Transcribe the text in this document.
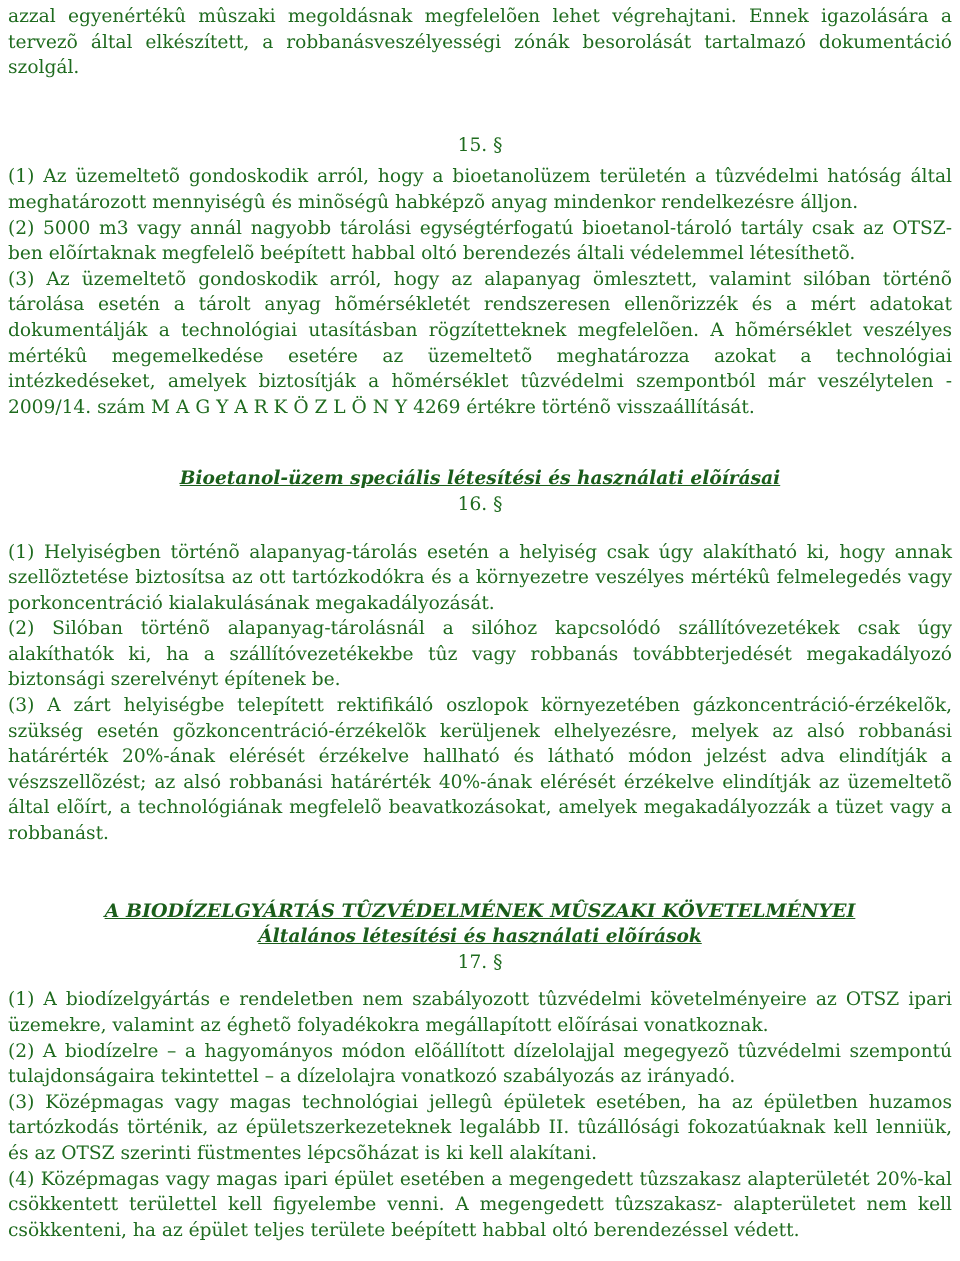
azzal egyenértékû mûszaki megoldásnak megfelelõen lehet végrehajtani. Ennek igazolására a tervezõ által elkészített, a robbanásveszélyességi zónák besorolását tartalmazó dokumentáció szolgál.

15. §

(1) Az üzemeltetõ gondoskodik arról, hogy a bioetanolüzem területén a tûzvédelmi hatóság által meghatározott mennyiségû és minõségû habképzõ anyag mindenkor rendelkezésre álljon.

(2) 5000 m3 vagy annál nagyobb tárolási egységtérfogatú bioetanol-tároló tartály csak az OTSZ-ben elõírtaknak megfelelõ beépített habbal oltó berendezés általi védelemmel létesíthetõ.

(3) Az üzemeltetõ gondoskodik arról, hogy az alapanyag ömlesztett, valamint silóban történõ tárolása esetén a tárolt anyag hõmérsékletét rendszeresen ellenõrizzék és a mért adatokat dokumentálják a technológiai utasításban rögzítetteknek megfelelõen. A hõmérséklet veszélyes mértékû megemelkedése esetére az üzemeltetõ meghatározza azokat a technológiai intézkedéseket, amelyek biztosítják a hõmérséklet tûzvédelmi szempontból már veszélytelen - 2009/14. szám M A G Y A R K Ö Z L Ö N Y 4269 értékre történõ visszaállítását.

Bioetanol-üzem speciális létesítési és használati elõírásai

16. §

(1) Helyiségben történõ alapanyag-tárolás esetén a helyiség csak úgy alakítható ki, hogy annak szellõztetése biztosítsa az ott tartózkodókra és a környezetre veszélyes mértékû felmelegedés vagy porkoncentráció kialakulásának megakadályozását.

(2) Silóban történõ alapanyag-tárolásnál a silóhoz kapcsolódó szállítóvezetékek csak úgy alakíthatók ki, ha a szállítóvezetékekbe tûz vagy robbanás továbbterjedését megakadályozó biztonsági szerelvényt építenek be.

(3) A zárt helyiségbe telepített rektifikáló oszlopok környezetében gázkoncentráció-érzékelõk, szükség esetén gõzkoncentráció-érzékelõk kerüljenek elhelyezésre, melyek az alsó robbanási határérték 20%-ának elérését érzékelve hallható és látható módon jelzést adva elindítják a vészszellõzést; az alsó robbanási határérték 40%-ának elérését érzékelve elindítják az üzemeltetõ által elõírt, a technológiának megfelelõ beavatkozásokat, amelyek megakadályozzák a tüzet vagy a robbanást.

A BIODÍZELGYÁRTÁS TÛZVÉDELMÉNEK MÛSZAKI KÖVETELMÉNYEI

Általános létesítési és használati elõírások

17. §

(1) A biodízelgyártás e rendeletben nem szabályozott tûzvédelmi követelményeire az OTSZ ipari üzemekre, valamint az éghetõ folyadékokra megállapított elõírásai vonatkoznak.

(2) A biodízelre – a hagyományos módon elõállított dízelolajjal megegyezõ tûzvédelmi szempontú tulajdonságaira tekintettel – a dízelolajra vonatkozó szabályozás az irányadó.

(3) Középmagas vagy magas technológiai jellegû épületek esetében, ha az épületben huzamos tartózkodás történik, az épületszerkezeteknek legalább II. tûzállósági fokozatúaknak kell lenniük, és az OTSZ szerinti füstmentes lépcsõházat is ki kell alakítani.

(4) Középmagas vagy magas ipari épület esetében a megengedett tûzszakasz alapterületét 20%-kal csökkentett területtel kell figyelembe venni. A megengedett tûzszakasz- alapterületet nem kell csökkenteni, ha az épület teljes területe beépített habbal oltó berendezéssel védett.
